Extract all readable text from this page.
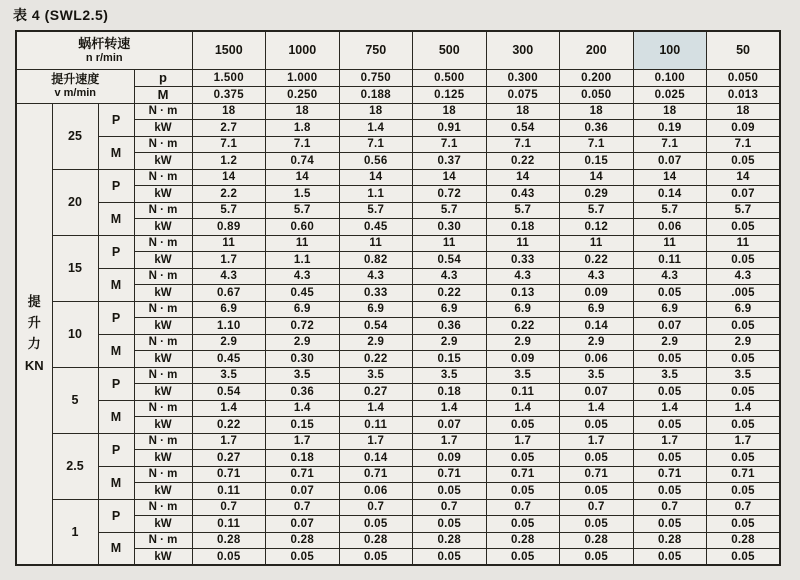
表 4 (SWL2.5)
蜗杆转速
n r/min				1500	1000	750	500	300	200	100	50

提升速度
v m/min			p	1.500	1.000	0.750	0.500	0.300	0.200	0.100	0.050
			M	0.375	0.250	0.188	0.125	0.075	0.050	0.025	0.013

提
升
力
KN	25	P	N · m	18	18	18	18	18	18	18	18
			kW	2.7	1.8	1.4	0.91	0.54	0.36	0.19	0.09
		M	N · m	7.1	7.1	7.1	7.1	7.1	7.1	7.1	7.1
			kW	1.2	0.74	0.56	0.37	0.22	0.15	0.07	0.05
	20	P	N · m	14	14	14	14	14	14	14	14
			kW	2.2	1.5	1.1	0.72	0.43	0.29	0.14	0.07
		M	N · m	5.7	5.7	5.7	5.7	5.7	5.7	5.7	5.7
			kW	0.89	0.60	0.45	0.30	0.18	0.12	0.06	0.05
	15	P	N · m	11	11	11	11	11	11	11	11
			kW	1.7	1.1	0.82	0.54	0.33	0.22	0.11	0.05
		M	N · m	4.3	4.3	4.3	4.3	4.3	4.3	4.3	4.3
			kW	0.67	0.45	0.33	0.22	0.13	0.09	0.05	.005
	10	P	N · m	6.9	6.9	6.9	6.9	6.9	6.9	6.9	6.9
			kW	1.10	0.72	0.54	0.36	0.22	0.14	0.07	0.05
		M	N · m	2.9	2.9	2.9	2.9	2.9	2.9	2.9	2.9
			kW	0.45	0.30	0.22	0.15	0.09	0.06	0.05	0.05
	5	P	N · m	3.5	3.5	3.5	3.5	3.5	3.5	3.5	3.5
			kW	0.54	0.36	0.27	0.18	0.11	0.07	0.05	0.05
		M	N · m	1.4	1.4	1.4	1.4	1.4	1.4	1.4	1.4
			kW	0.22	0.15	0.11	0.07	0.05	0.05	0.05	0.05
	2.5	P	N · m	1.7	1.7	1.7	1.7	1.7	1.7	1.7	1.7
			kW	0.27	0.18	0.14	0.09	0.05	0.05	0.05	0.05
		M	N · m	0.71	0.71	0.71	0.71	0.71	0.71	0.71	0.71
			kW	0.11	0.07	0.06	0.05	0.05	0.05	0.05	0.05
	1	P	N · m	0.7	0.7	0.7	0.7	0.7	0.7	0.7	0.7
			kW	0.11	0.07	0.05	0.05	0.05	0.05	0.05	0.05
		M	N · m	0.28	0.28	0.28	0.28	0.28	0.28	0.28	0.28
			kW	0.05	0.05	0.05	0.05	0.05	0.05	0.05	0.05
